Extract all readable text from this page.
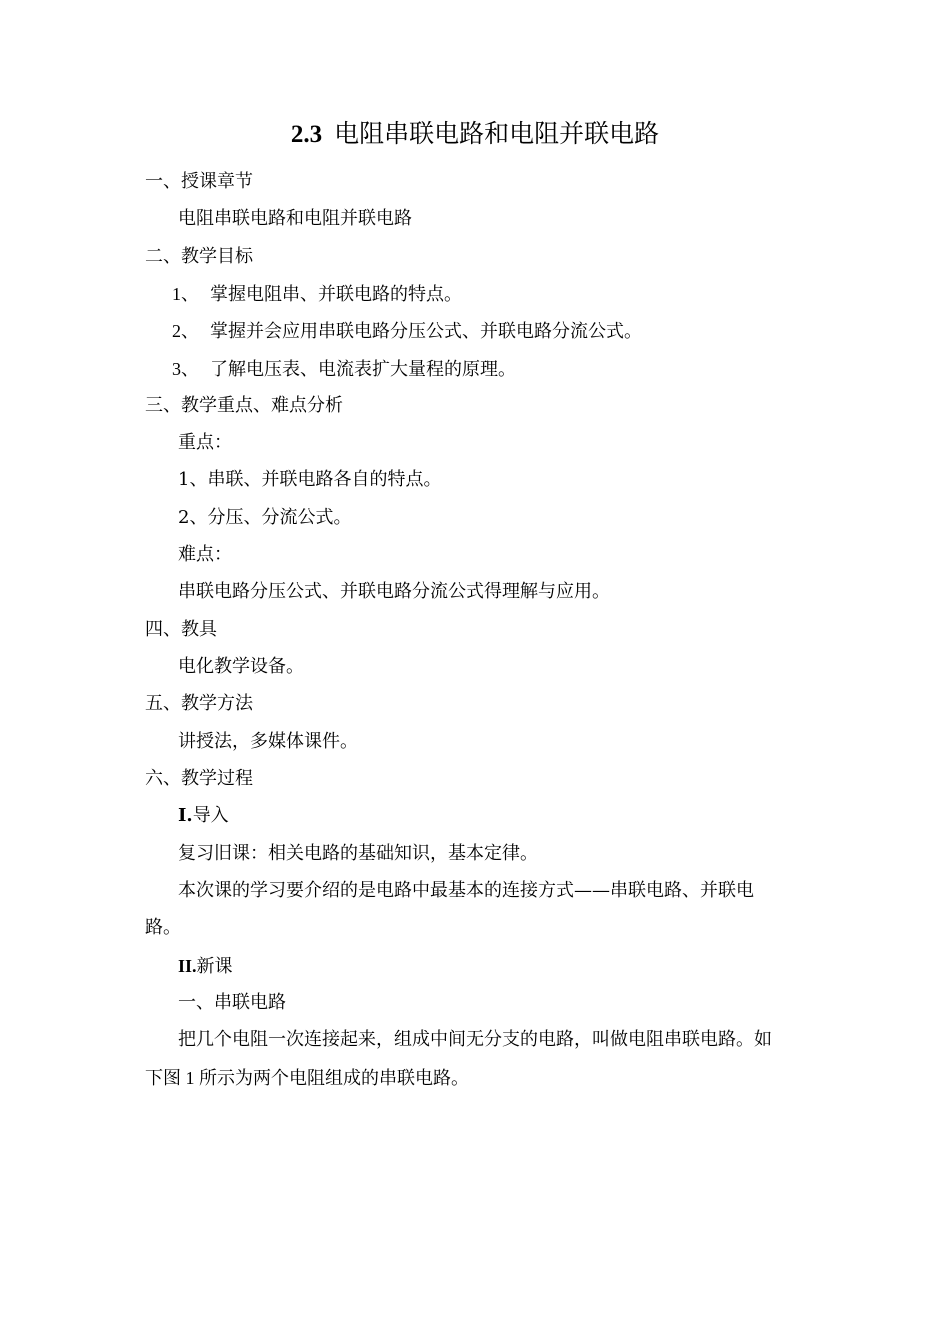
2.3 电阻串联电路和电阻并联电路
一、授课章节
电阻串联电路和电阻并联电路
二、教学目标
1、 掌握电阻串、并联电路的特点。
2、 掌握并会应用串联电路分压公式、并联电路分流公式。
3、 了解电压表、电流表扩大量程的原理。
三、教学重点、难点分析
重点：
1、串联、并联电路各自的特点。
2、分压、分流公式。
难点：
串联电路分压公式、并联电路分流公式得理解与应用。
四、教具
电化教学设备。
五、教学方法
讲授法，多媒体课件。
六、教学过程
Ⅰ.导入
复习旧课：相关电路的基础知识，基本定律。
本次课的学习要介绍的是电路中最基本的连接方式——串联电路、并联电
路。
II.新课
一、串联电路
把几个电阻一次连接起来，组成中间无分支的电路，叫做电阻串联电路。如
下图 1 所示为两个电阻组成的串联电路。
